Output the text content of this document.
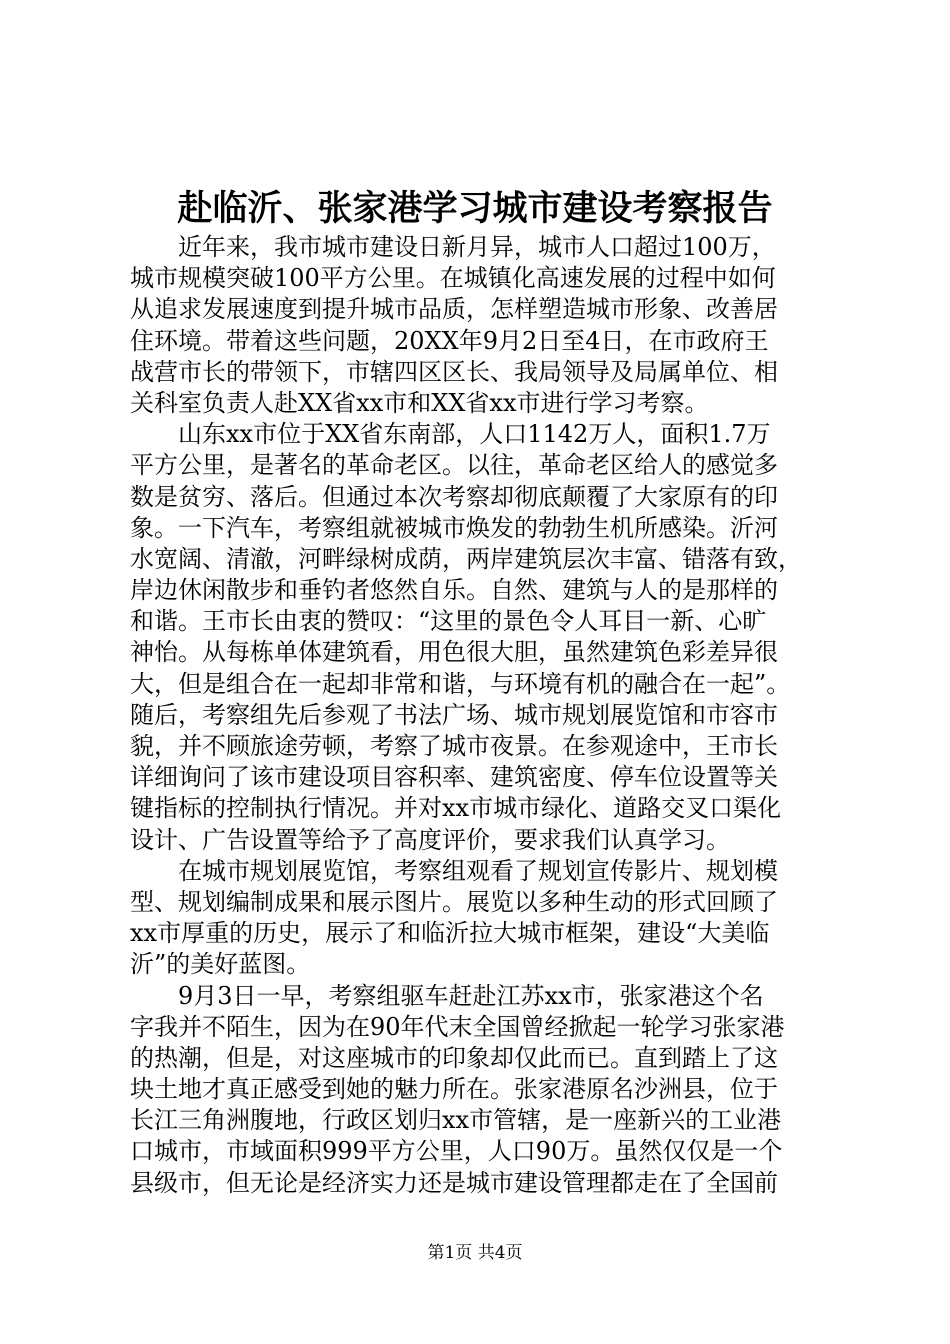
赴临沂、张家港学习城市建设考察报告
　　近年来，我市城市建设日新月异，城市人口超过100万，
城市规模突破100平方公里。在城镇化高速发展的过程中如何
从追求发展速度到提升城市品质，怎样塑造城市形象、改善居
住环境。带着这些问题，20XX年9月2日至4日，在市政府王
战营市长的带领下，市辖四区区长、我局领导及局属单位、相
关科室负责人赴XX省xx市和XX省xx市进行学习考察。
　　山东xx市位于XX省东南部，人口1142万人，面积1.7万
平方公里，是著名的革命老区。以往，革命老区给人的感觉多
数是贫穷、落后。但通过本次考察却彻底颠覆了大家原有的印
象。一下汽车，考察组就被城市焕发的勃勃生机所感染。沂河
水宽阔、清澈，河畔绿树成荫，两岸建筑层次丰富、错落有致，
岸边休闲散步和垂钓者悠然自乐。自然、建筑与人的是那样的
和谐。王市长由衷的赞叹：“这里的景色令人耳目一新、心旷
神怡。从每栋单体建筑看，用色很大胆，虽然建筑色彩差异很
大，但是组合在一起却非常和谐，与环境有机的融合在一起”。
随后，考察组先后参观了书法广场、城市规划展览馆和市容市
貌，并不顾旅途劳顿，考察了城市夜景。在参观途中，王市长
详细询问了该市建设项目容积率、建筑密度、停车位设置等关
键指标的控制执行情况。并对xx市城市绿化、道路交叉口渠化
设计、广告设置等给予了高度评价，要求我们认真学习。
　　在城市规划展览馆，考察组观看了规划宣传影片、规划模
型、规划编制成果和展示图片。展览以多种生动的形式回顾了
xx市厚重的历史，展示了和临沂拉大城市框架，建设“大美临
沂”的美好蓝图。
　　9月3日一早，考察组驱车赶赴江苏xx市，张家港这个名
字我并不陌生，因为在90年代末全国曾经掀起一轮学习张家港
的热潮，但是，对这座城市的印象却仅此而已。直到踏上了这
块土地才真正感受到她的魅力所在。张家港原名沙洲县，位于
长江三角洲腹地，行政区划归xx市管辖，是一座新兴的工业港
口城市，市域面积999平方公里，人口90万。虽然仅仅是一个
县级市，但无论是经济实力还是城市建设管理都走在了全国前
第1页 共4页
